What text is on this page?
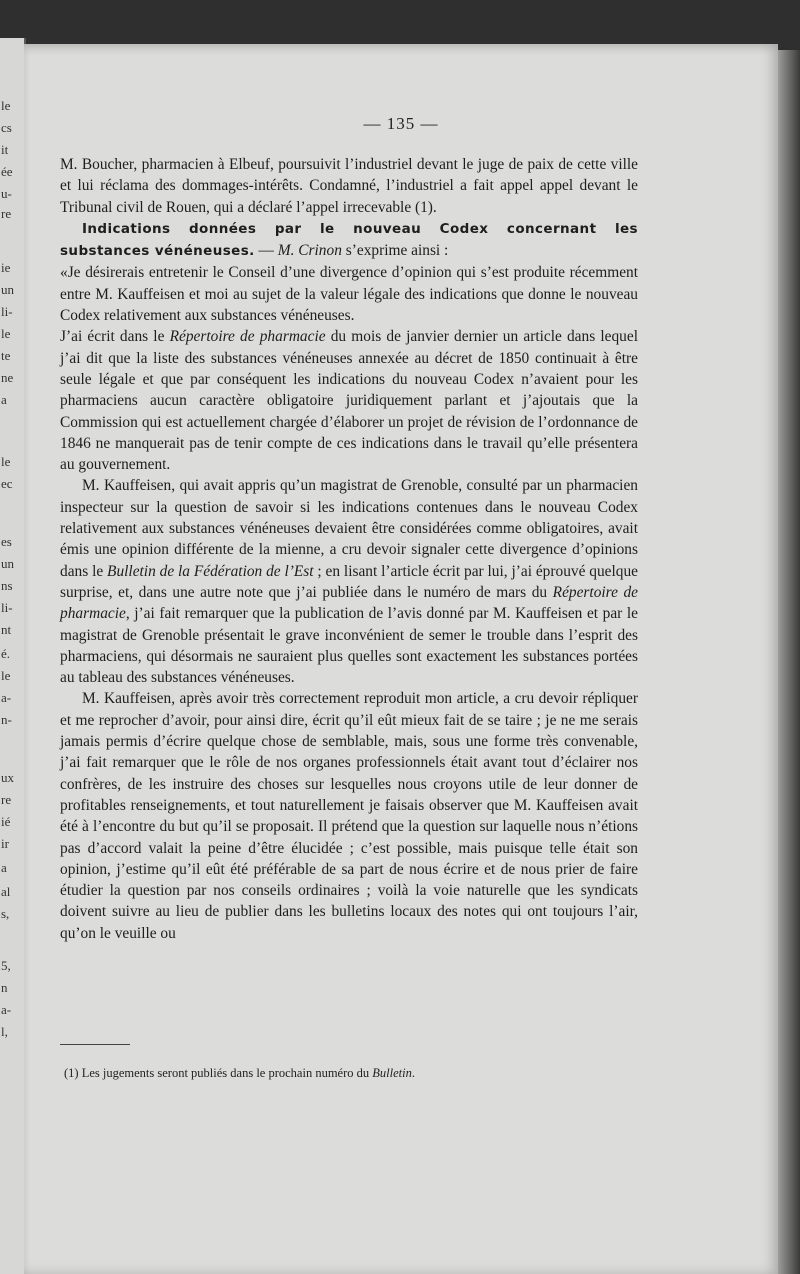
le
cs
it
ée
u-
re
ie
un
li-
le
te
ne
a
le
ec
es
un
ns
li-
nt
é.
le
a-
n-
ux
re
ié
ir
a
al
s,
5,
n
a-
l,
— 135 —

M. Boucher, pharmacien à Elbeuf, poursuivit l’industriel devant le juge de paix de cette ville et lui réclama des dommages-intérêts. Condamné, l’industriel a fait appel appel devant le Tribunal civil de Rouen, qui a déclaré l’appel irrecevable (1).

Indications données par le nouveau Codex concernant les substances vénéneuses. — M. Crinon s’exprime ainsi :

«Je désirerais entretenir le Conseil d’une divergence d’opinion qui s’est produite récemment entre M. Kauffeisen et moi au sujet de la valeur légale des indications que donne le nouveau Codex relativement aux substances vénéneuses.

J’ai écrit dans le Répertoire de pharmacie du mois de janvier dernier un article dans lequel j’ai dit que la liste des substances vénéneuses annexée au décret de 1850 continuait à être seule légale et que par conséquent les indications du nouveau Codex n’avaient pour les pharmaciens aucun caractère obligatoire juridiquement parlant et j’ajoutais que la Commission qui est actuellement chargée d’élaborer un projet de révision de l’ordonnance de 1846 ne manquerait pas de tenir compte de ces indications dans le travail qu’elle présentera au gouvernement.

M. Kauffeisen, qui avait appris qu’un magistrat de Grenoble, consulté par un pharmacien inspecteur sur la question de savoir si les indications contenues dans le nouveau Codex relativement aux substances vénéneuses devaient être considérées comme obligatoires, avait émis une opinion différente de la mienne, a cru devoir signaler cette divergence d’opinions dans le Bulletin de la Fédération de l’Est ; en lisant l’article écrit par lui, j’ai éprouvé quelque surprise, et, dans une autre note que j’ai publiée dans le numéro de mars du Répertoire de pharmacie, j’ai fait remarquer que la publication de l’avis donné par M. Kauffeisen et par le magistrat de Grenoble présentait le grave inconvénient de semer le trouble dans l’esprit des pharmaciens, qui désormais ne sauraient plus quelles sont exactement les substances portées au tableau des substances vénéneuses.

M. Kauffeisen, après avoir très correctement reproduit mon article, a cru devoir répliquer et me reprocher d’avoir, pour ainsi dire, écrit qu’il eût mieux fait de se taire ; je ne me serais jamais permis d’écrire quelque chose de semblable, mais, sous une forme très convenable, j’ai fait remarquer que le rôle de nos organes professionnels était avant tout d’éclairer nos confrères, de les instruire des choses sur lesquelles nous croyons utile de leur donner de profitables renseignements, et tout naturellement je faisais observer que M. Kauffeisen avait été à l’encontre du but qu’il se proposait. Il prétend que la question sur laquelle nous n’étions pas d’accord valait la peine d’être élucidée ; c’est possible, mais puisque telle était son opinion, j’estime qu’il eût été préférable de sa part de nous écrire et de nous prier de faire étudier la question par nos conseils ordinaires ; voilà la voie naturelle que les syndicats doivent suivre au lieu de publier dans les bulletins locaux des notes qui ont toujours l’air, qu’on le veuille ou

(1) Les jugements seront publiés dans le prochain numéro du Bulletin.
